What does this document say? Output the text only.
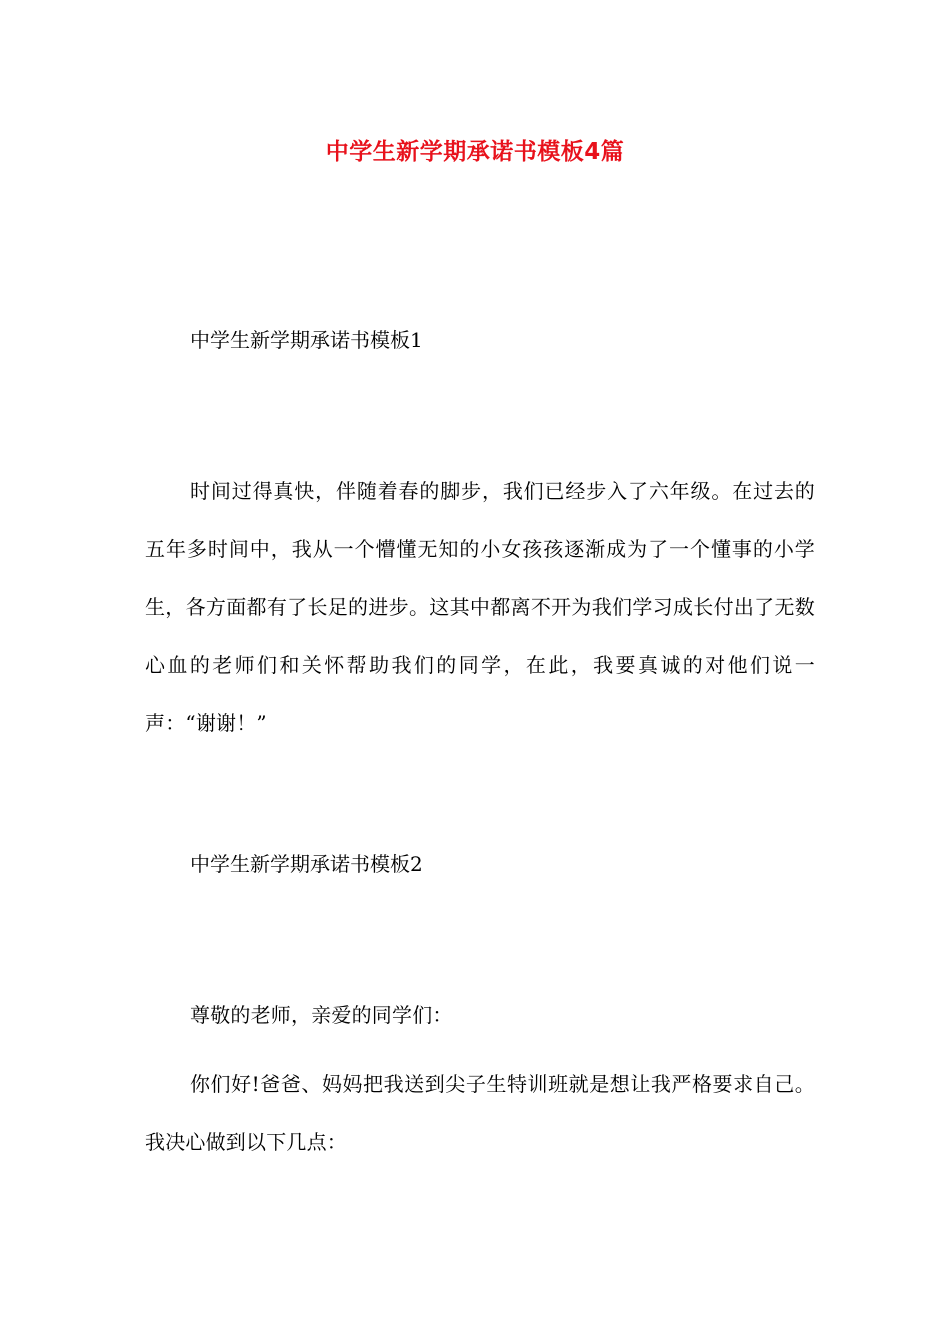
中学生新学期承诺书模板4篇
中学生新学期承诺书模板1
时间过得真快，伴随着春的脚步，我们已经步入了六年级。在过去的五年多时间中，我从一个懵懂无知的小女孩孩逐渐成为了一个懂事的小学生，各方面都有了长足的进步。这其中都离不开为我们学习成长付出了无数心血的老师们和关怀帮助我们的同学，在此，我要真诚的对他们说一声：“谢谢！”
中学生新学期承诺书模板2
尊敬的老师，亲爱的同学们：
你们好!爸爸、妈妈把我送到尖子生特训班就是想让我严格要求自己。我决心做到以下几点：
